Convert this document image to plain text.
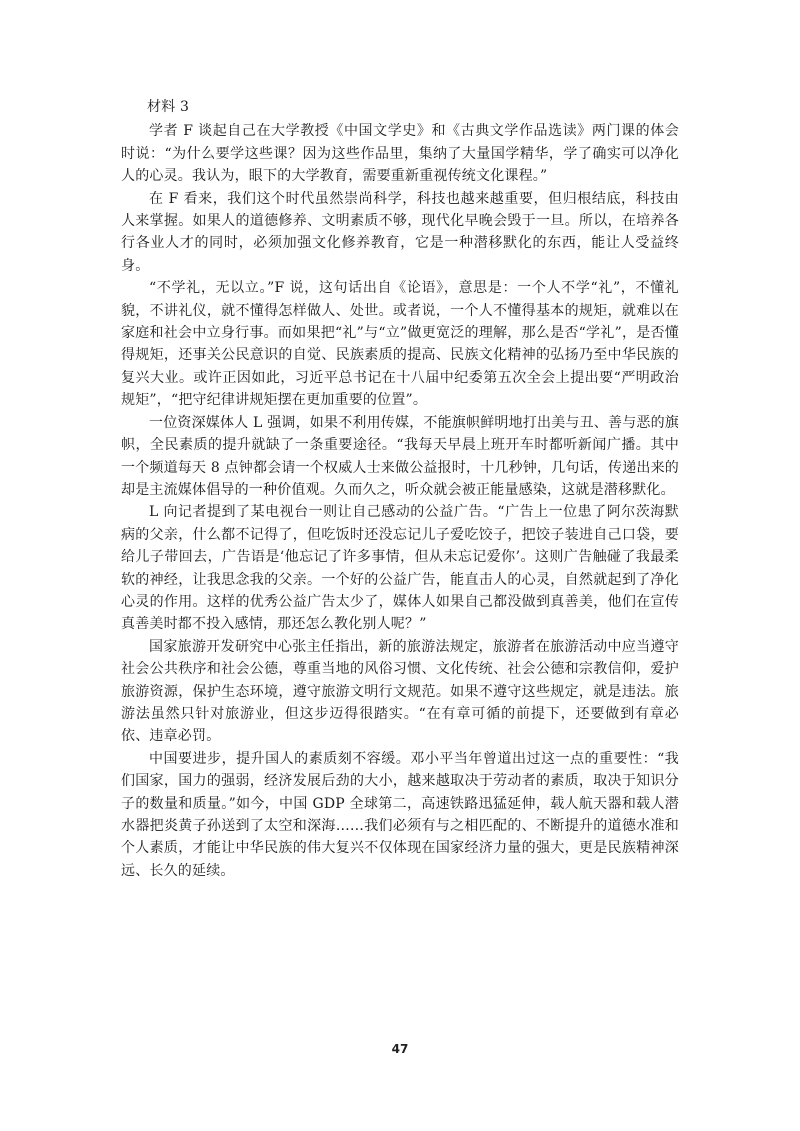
材料 3

学者 F 谈起自己在大学教授《中国文学史》和《古典文学作品选读》两门课的体会时说：“为什么要学这些课？因为这些作品里，集纳了大量国学精华，学了确实可以净化人的心灵。我认为，眼下的大学教育，需要重新重视传统文化课程。”

在 F 看来，我们这个时代虽然崇尚科学，科技也越来越重要，但归根结底，科技由人来掌握。如果人的道德修养、文明素质不够，现代化早晚会毁于一旦。所以，在培养各行各业人才的同时，必须加强文化修养教育，它是一种潜移默化的东西，能让人受益终身。

“不学礼，无以立。”F 说，这句话出自《论语》，意思是：一个人不学“礼”，不懂礼貌，不讲礼仪，就不懂得怎样做人、处世。或者说，一个人不懂得基本的规矩，就难以在家庭和社会中立身行事。而如果把“礼”与“立”做更宽泛的理解，那么是否“学礼”，是否懂得规矩，还事关公民意识的自觉、民族素质的提高、民族文化精神的弘扬乃至中华民族的复兴大业。或许正因如此，习近平总书记在十八届中纪委第五次全会上提出要“严明政治规矩”，“把守纪律讲规矩摆在更加重要的位置”。

一位资深媒体人 L 强调，如果不利用传媒，不能旗帜鲜明地打出美与丑、善与恶的旗帜，全民素质的提升就缺了一条重要途径。“我每天早晨上班开车时都听新闻广播。其中一个频道每天 8 点钟都会请一个权威人士来做公益报时，十几秒钟，几句话，传递出来的却是主流媒体倡导的一种价值观。久而久之，听众就会被正能量感染，这就是潜移默化。

L 向记者提到了某电视台一则让自己感动的公益广告。“广告上一位患了阿尔茨海默病的父亲，什么都不记得了，但吃饭时还没忘记儿子爱吃饺子，把饺子装进自己口袋，要给儿子带回去，广告语是‘他忘记了许多事情，但从未忘记爱你’。这则广告触碰了我最柔软的神经，让我思念我的父亲。一个好的公益广告，能直击人的心灵，自然就起到了净化心灵的作用。这样的优秀公益广告太少了，媒体人如果自己都没做到真善美，他们在宣传真善美时都不投入感情，那还怎么教化别人呢？”

国家旅游开发研究中心张主任指出，新的旅游法规定，旅游者在旅游活动中应当遵守社会公共秩序和社会公德，尊重当地的风俗习惯、文化传统、社会公德和宗教信仰，爱护旅游资源，保护生态环境，遵守旅游文明行文规范。如果不遵守这些规定，就是违法。旅游法虽然只针对旅游业，但这步迈得很踏实。“在有章可循的前提下，还要做到有章必依、违章必罚。

中国要进步，提升国人的素质刻不容缓。邓小平当年曾道出过这一点的重要性：“我们国家，国力的强弱，经济发展后劲的大小，越来越取决于劳动者的素质，取决于知识分子的数量和质量。”如今，中国 GDP 全球第二，高速铁路迅猛延伸，载人航天器和载人潜水器把炎黄子孙送到了太空和深海……我们必须有与之相匹配的、不断提升的道德水准和个人素质，才能让中华民族的伟大复兴不仅体现在国家经济力量的强大，更是民族精神深远、长久的延续。

47
